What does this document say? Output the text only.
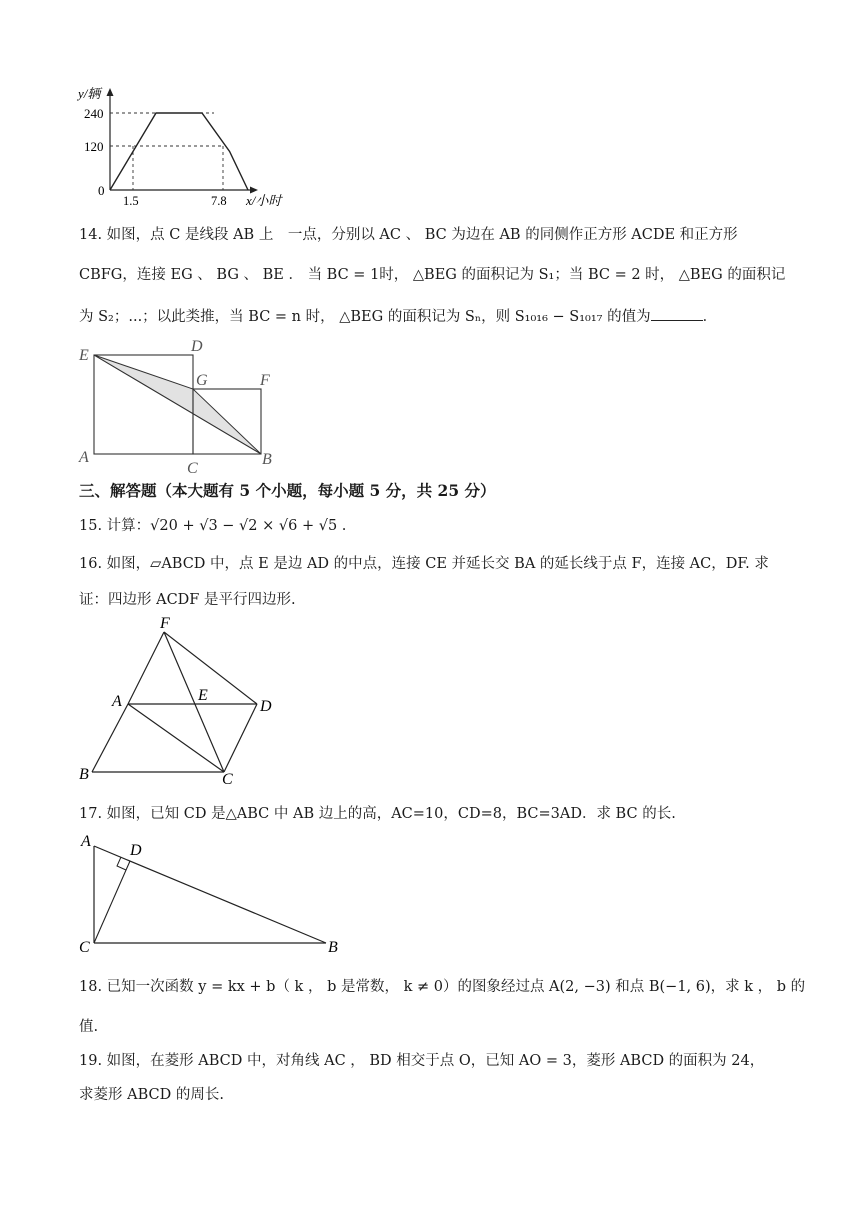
y/辆
240
120
0
1.5	7.8 x/小时
14. 如图，点 C 是线段 AB 上　一点，分别以 AC 、 BC 为边在 AB 的同侧作正方形 ACDE 和正方形
CBFG，连接 EG 、 BG 、 BE ． 当 BC = 1时， △BEG 的面积记为 S₁；当 BC = 2 时， △BEG 的面积记
为 S₂；...；以此类推，当 BC = n 时， △BEG 的面积记为 Sₙ，则 S₁₀₁₆ − S₁₀₁₇ 的值为	．
E
D
G	F
A
C
B
三、解答题（本大题有 5 个小题，每小题 5 分，共 25 分）
15. 计算：√20 + √3 − √2 × √6 + √5 .
16. 如图，▱ABCD 中，点 E 是边 AD 的中点，连接 CE 并延长交 BA 的延长线于点 F，连接 AC，DF. 求
证：四边形 ACDF 是平行四边形.
F
A	E
D
B	C
17. 如图，已知 CD 是△ABC 中 AB 边上的高，AC=10，CD=8，BC=3AD．求 BC 的长.
A
D
C	B
18. 已知一次函数 y = kx + b（ k ， b 是常数， k ≠ 0）的图象经过点 A(2, −3) 和点 B(−1, 6)，求 k ， b 的
值.
19. 如图，在菱形 ABCD 中，对角线 AC ， BD 相交于点 O，已知 AO = 3，菱形 ABCD 的面积为 24，
求菱形 ABCD 的周长.
